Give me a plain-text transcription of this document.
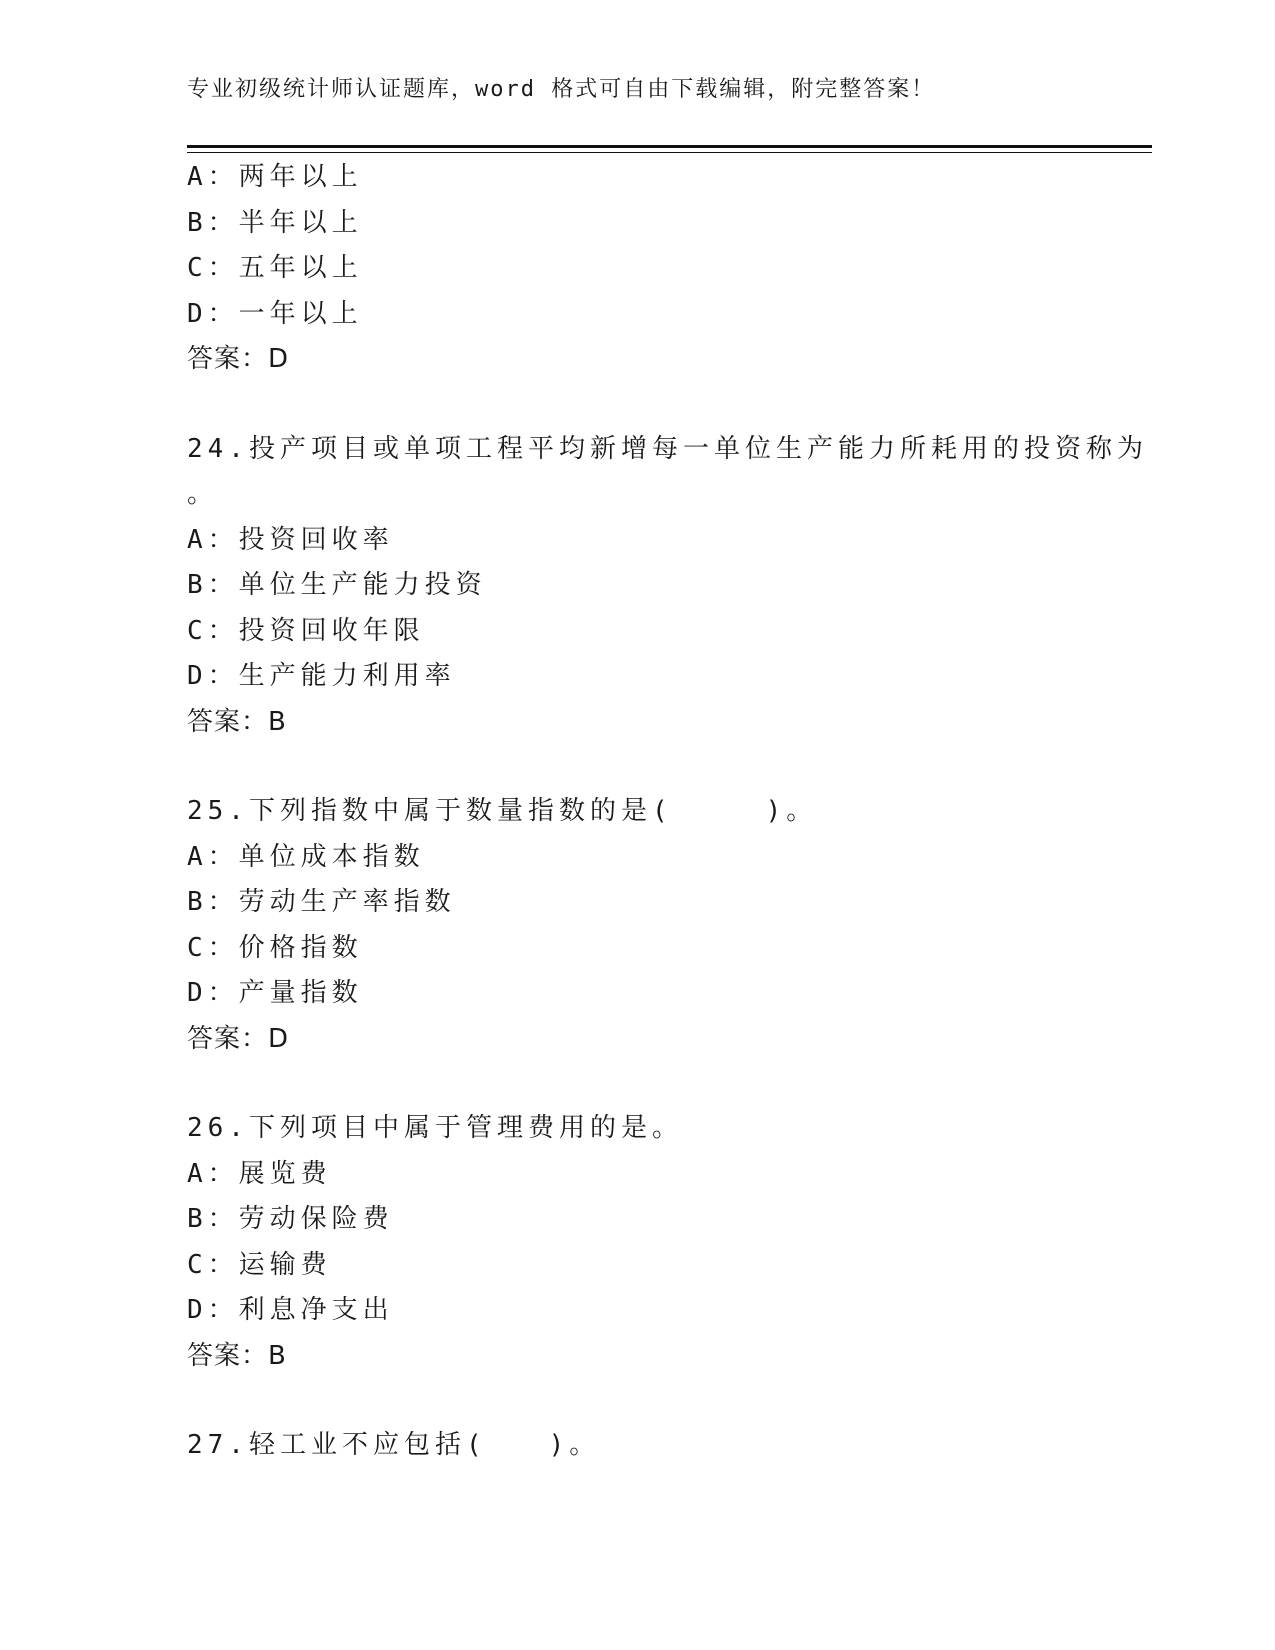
专业初级统计师认证题库，word 格式可自由下载编辑，附完整答案！
A：两年以上
B：半年以上
C：五年以上
D：一年以上
答案：D
24.投产项目或单项工程平均新增每一单位生产能力所耗用的投资称为
。
A：投资回收率
B：单位生产能力投资
C：投资回收年限
D：生产能力利用率
答案：B
25.下列指数中属于数量指数的是(　　　)。
A：单位成本指数
B：劳动生产率指数
C：价格指数
D：产量指数
答案：D
26.下列项目中属于管理费用的是。
A：展览费
B：劳动保险费
C：运输费
D：利息净支出
答案：B
27.轻工业不应包括(　　)。
